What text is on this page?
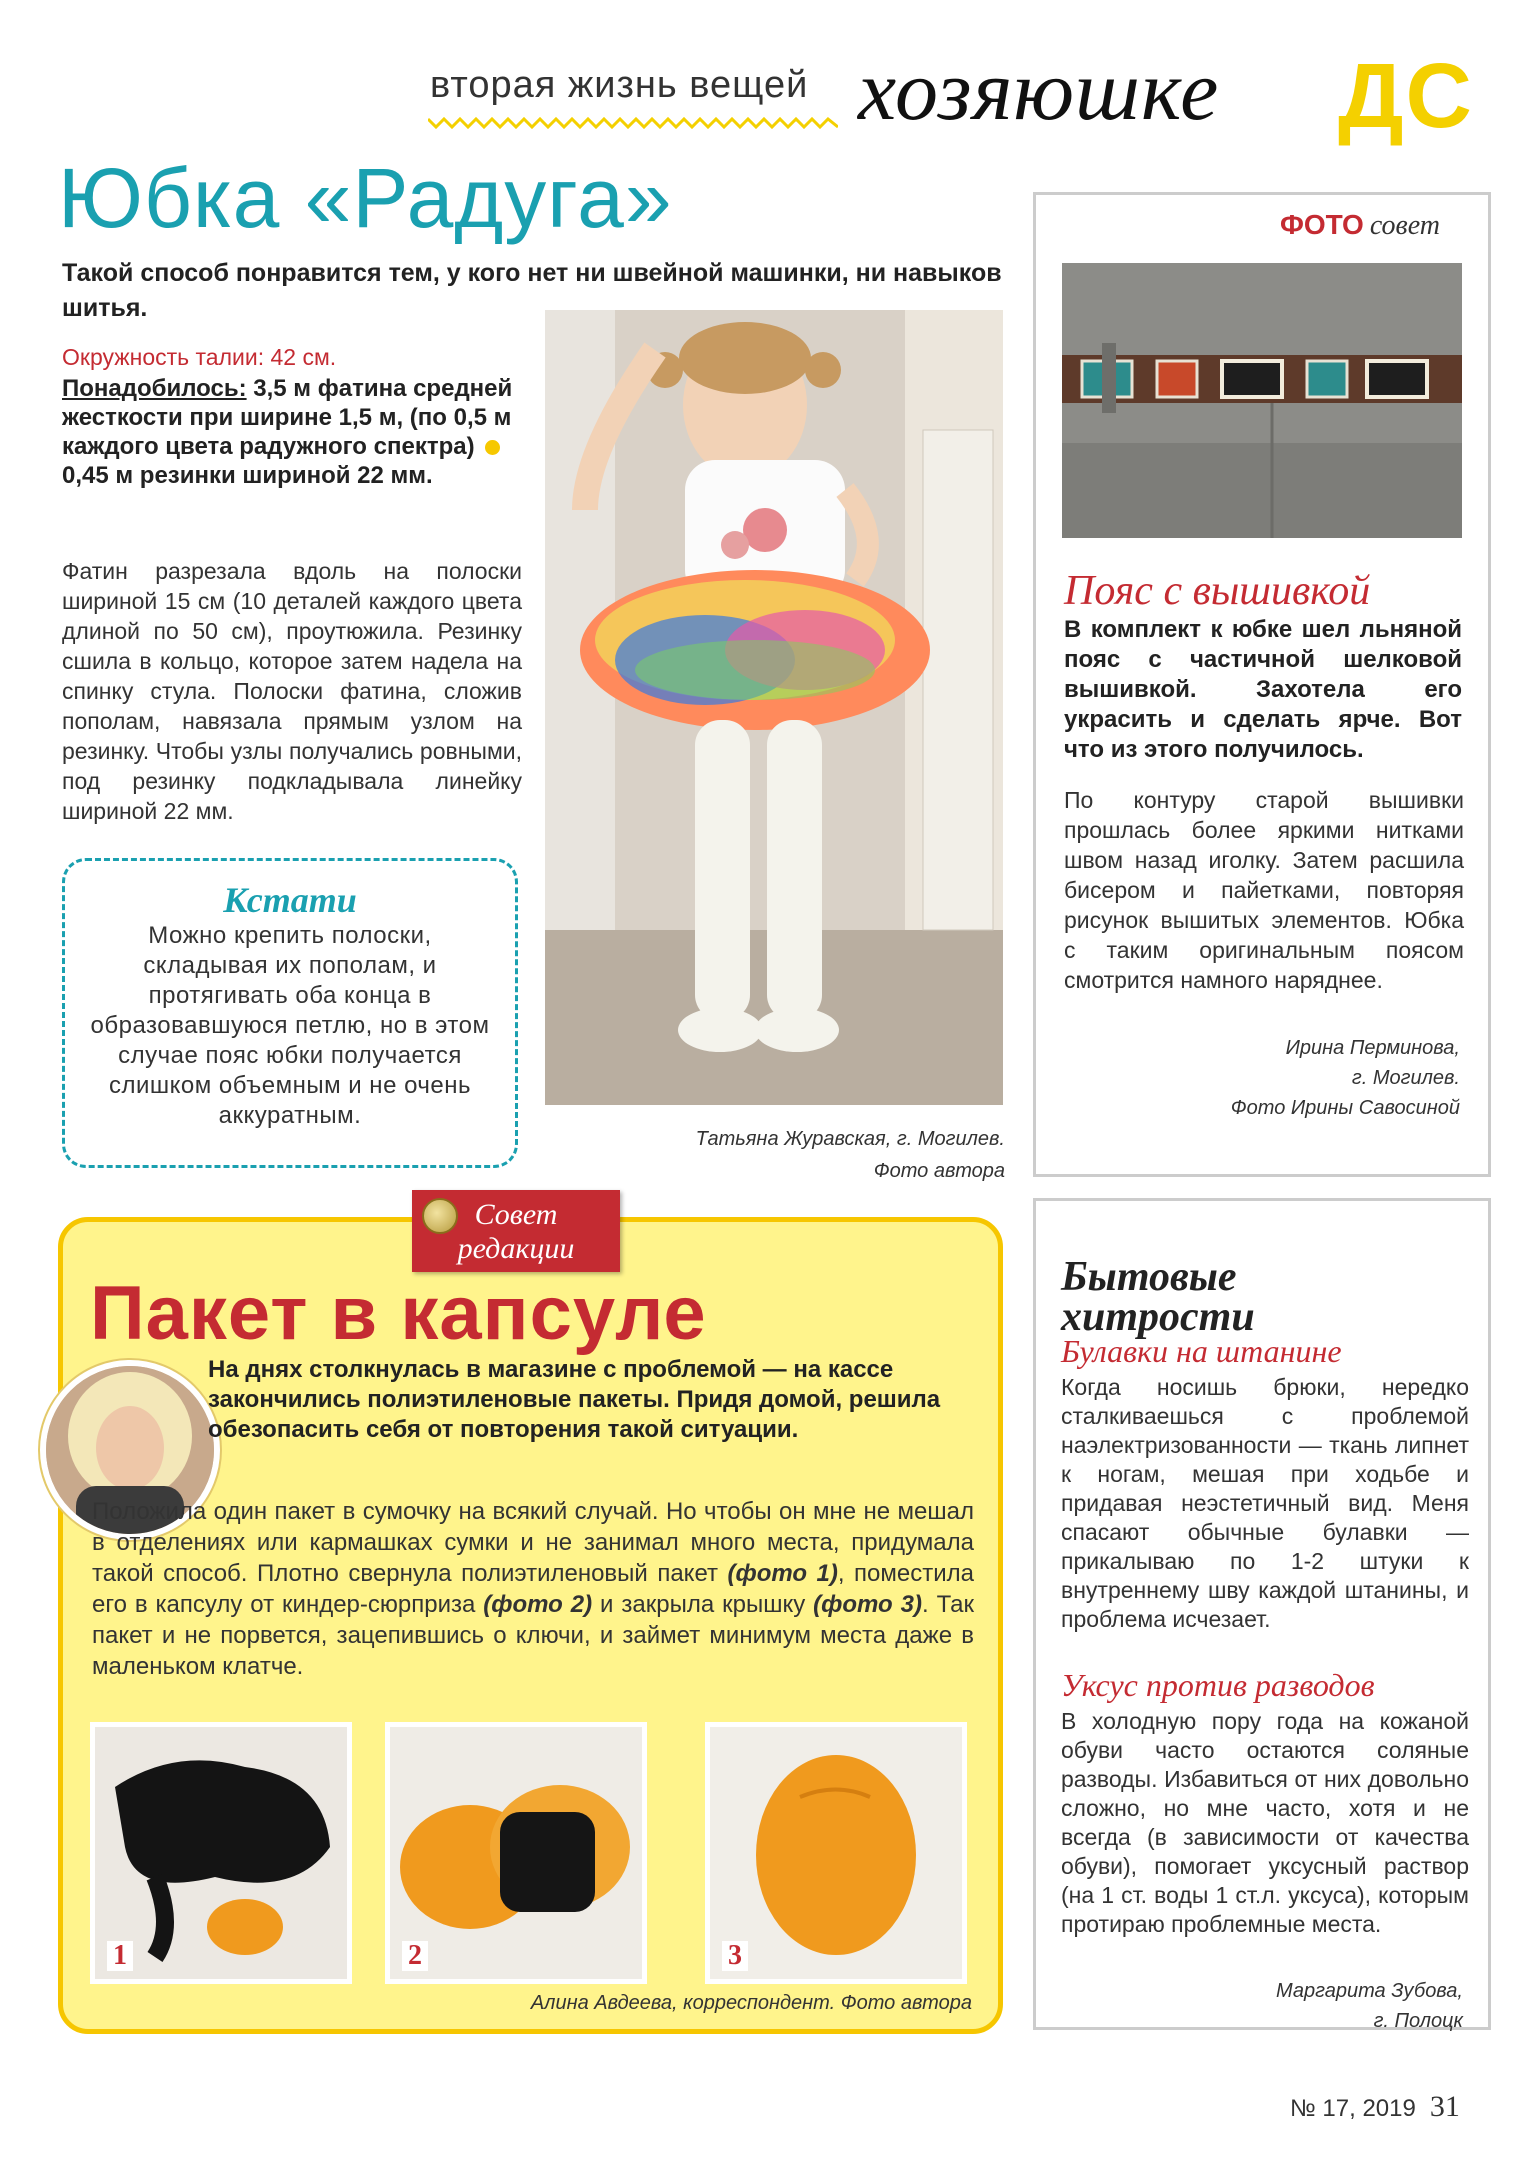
вторая жизнь вещей хозяюшке ДС
Юбка «Радуга»

Такой способ понравится тем, у кого нет ни швейной машинки, ни навыков шитья.

Окружность талии: 42 см.
Понадобилось: 3,5 м фатина средней жесткости при ширине 1,5 м, (по 0,5 м каждого цвета радужного спектра)  0,45 м резинки шириной 22 мм.

Фатин разрезала вдоль на полоски шириной 15 см (10 деталей каждого цвета длиной по 50 см), проутюжила. Резинку сшила в кольцо, которое затем надела на спинку стула. Полоски фатина, сложив пополам, навязала прямым узлом на резинку. Чтобы узлы получались ровными, под резинку подкладывала линейку шириной 22 мм.

Кстати

Можно крепить полоски, складывая их пополам, и протягивать оба конца в образовавшуюся петлю, но в этом случае пояс юбки получается слишком объемным и не очень аккуратным.

Татьяна Журавская, г. Могилев.
Фото автора
ФОТО совет
Пояс с вышивкой

В комплект к юбке шел льняной пояс с частичной шелковой вышивкой. Захотела его украсить и сделать ярче. Вот что из этого получилось.

По контуру старой вышивки прошлась более яркими нитками швом назад иголку. Затем расшила бисером и пайетками, повторяя рисунок вышитых элементов. Юбка с таким оригинальным поясом смотрится намного наряднее.

Ирина Перминова,
г. Могилев.
Фото Ирины Савосиной
Бытовые
хитрости
Булавки на штанине

Когда носишь брюки, нередко сталкиваешься с проблемой наэлектризованности — ткань липнет к ногам, мешая при ходьбе и придавая неэстетичный вид. Меня спасают обычные булавки — прикалываю по 1-2 штуки к внутреннему шву каждой штанины, и проблема исчезает.

Уксус против разводов

В холодную пору года на кожаной обуви часто остаются соляные разводы. Избавиться от них довольно сложно, но мне часто, хотя и не всегда (в зависимости от качества обуви), помогает уксусный раствор (на 1 ст. воды 1 ст.л. уксуса), которым протираю проблемные места.

Маргарита Зубова,
г. Полоцк
Совет
редакции
Пакет в капсуле

На днях столкнулась в магазине с проблемой — на кассе закончились полиэтиленовые пакеты. Придя домой, решила обезопасить себя от повторения такой ситуации.

Положила один пакет в сумочку на всякий случай. Но чтобы он мне не мешал в отделениях или кармашках сумки и не занимал много места, придумала такой способ. Плотно свернула полиэтиленовый пакет (фото 1), поместила его в капсулу от киндер-сюрприза (фото 2) и закрыла крышку (фото 3). Так пакет и не порвется, зацепившись о ключи, и займет минимум места даже в маленьком клатче.

1	2	3
Алина Авдеева, корреспондент. Фото автора
№ 17, 2019 31
